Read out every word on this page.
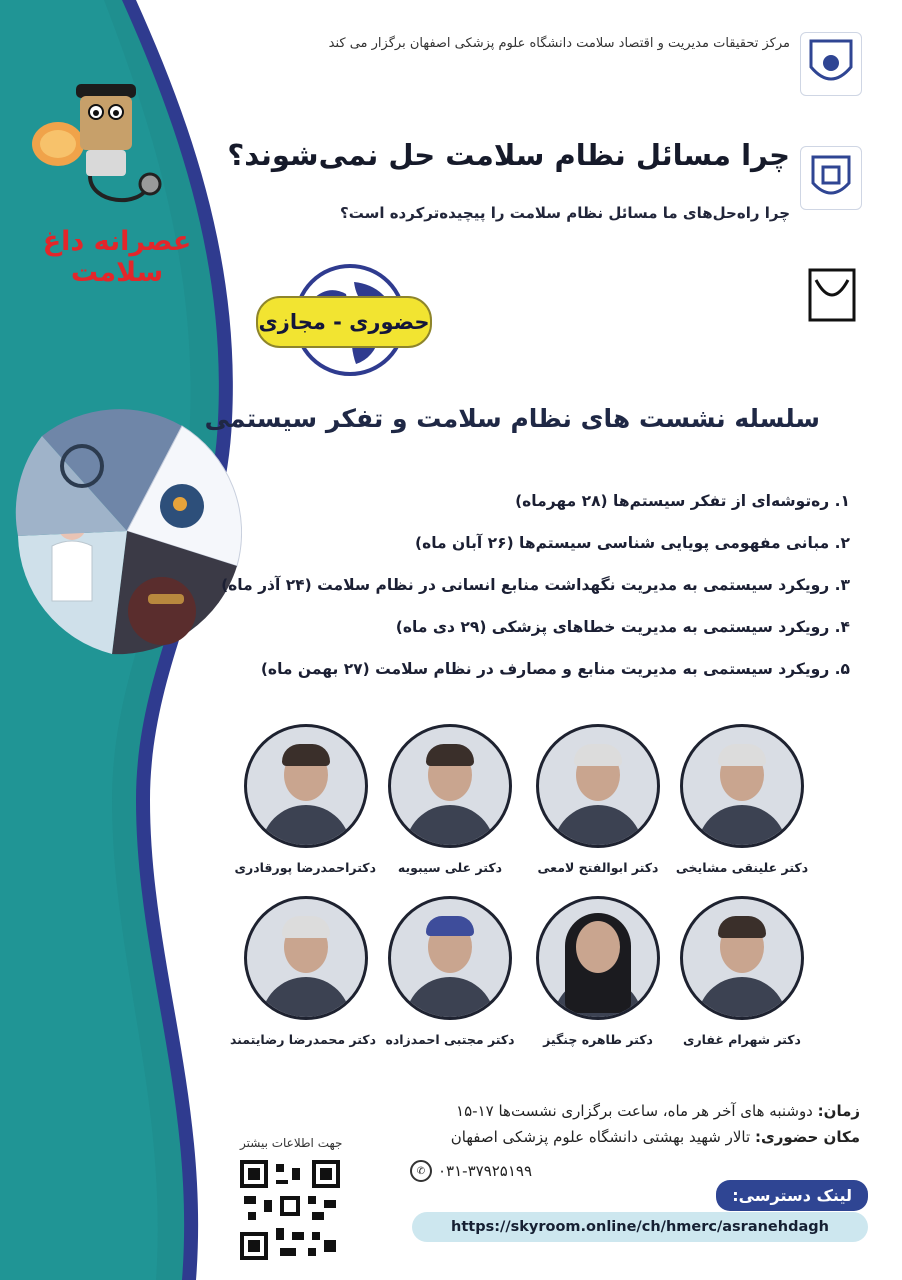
عصرانه داغ سلامت
مرکز تحقیقات مدیریت و اقتصاد سلامت دانشگاه علوم پزشکی اصفهان برگزار می کند
چرا مسائل نظام سلامت حل نمی‌شوند؟
چرا راه‌حل‌های ما مسائل نظام سلامت را پیچیده‌ترکرده است؟
حضوری - مجازی
سلسله نشست های نظام سلامت و تفکر سیستمی
۱. ره‌توشه‌ای از تفکر سیستم‌ها (۲۸ مهرماه)
۲. مبانی مفهومی پویایی شناسی سیستم‌ها (۲۶ آبان ماه)
۳. رویکرد سیستمی به مدیریت نگهداشت منابع انسانی در نظام سلامت (۲۴ آذر ماه)
۴. رویکرد سیستمی به مدیریت خطاهای پزشکی (۲۹ دی ماه)
۵. رویکرد سیستمی به مدیریت منابع و مصارف در نظام سلامت (۲۷ بهمن ماه)
دکتر علینقی مشایخی
دکتر ابوالفتح لامعی
دکتر علی سیبویه
دکتراحمدرضا پورقادری
دکتر شهرام غفاری
دکتر طاهره چنگیز
دکتر مجتبی احمدزاده
دکتر محمدرضا رضایتمند
زمان: دوشنبه های آخر هر ماه، ساعت برگزاری نشست‌ها ۱۷-۱۵
مکان حضوری: تالار شهید بهشتی دانشگاه علوم پزشکی اصفهان
✆ ۰۳۱-۳۷۹۲۵۱۹۹
لینک دسترسی:
https://skyroom.online/ch/hmerc/asranehdagh
جهت اطلاعات بیشتر
